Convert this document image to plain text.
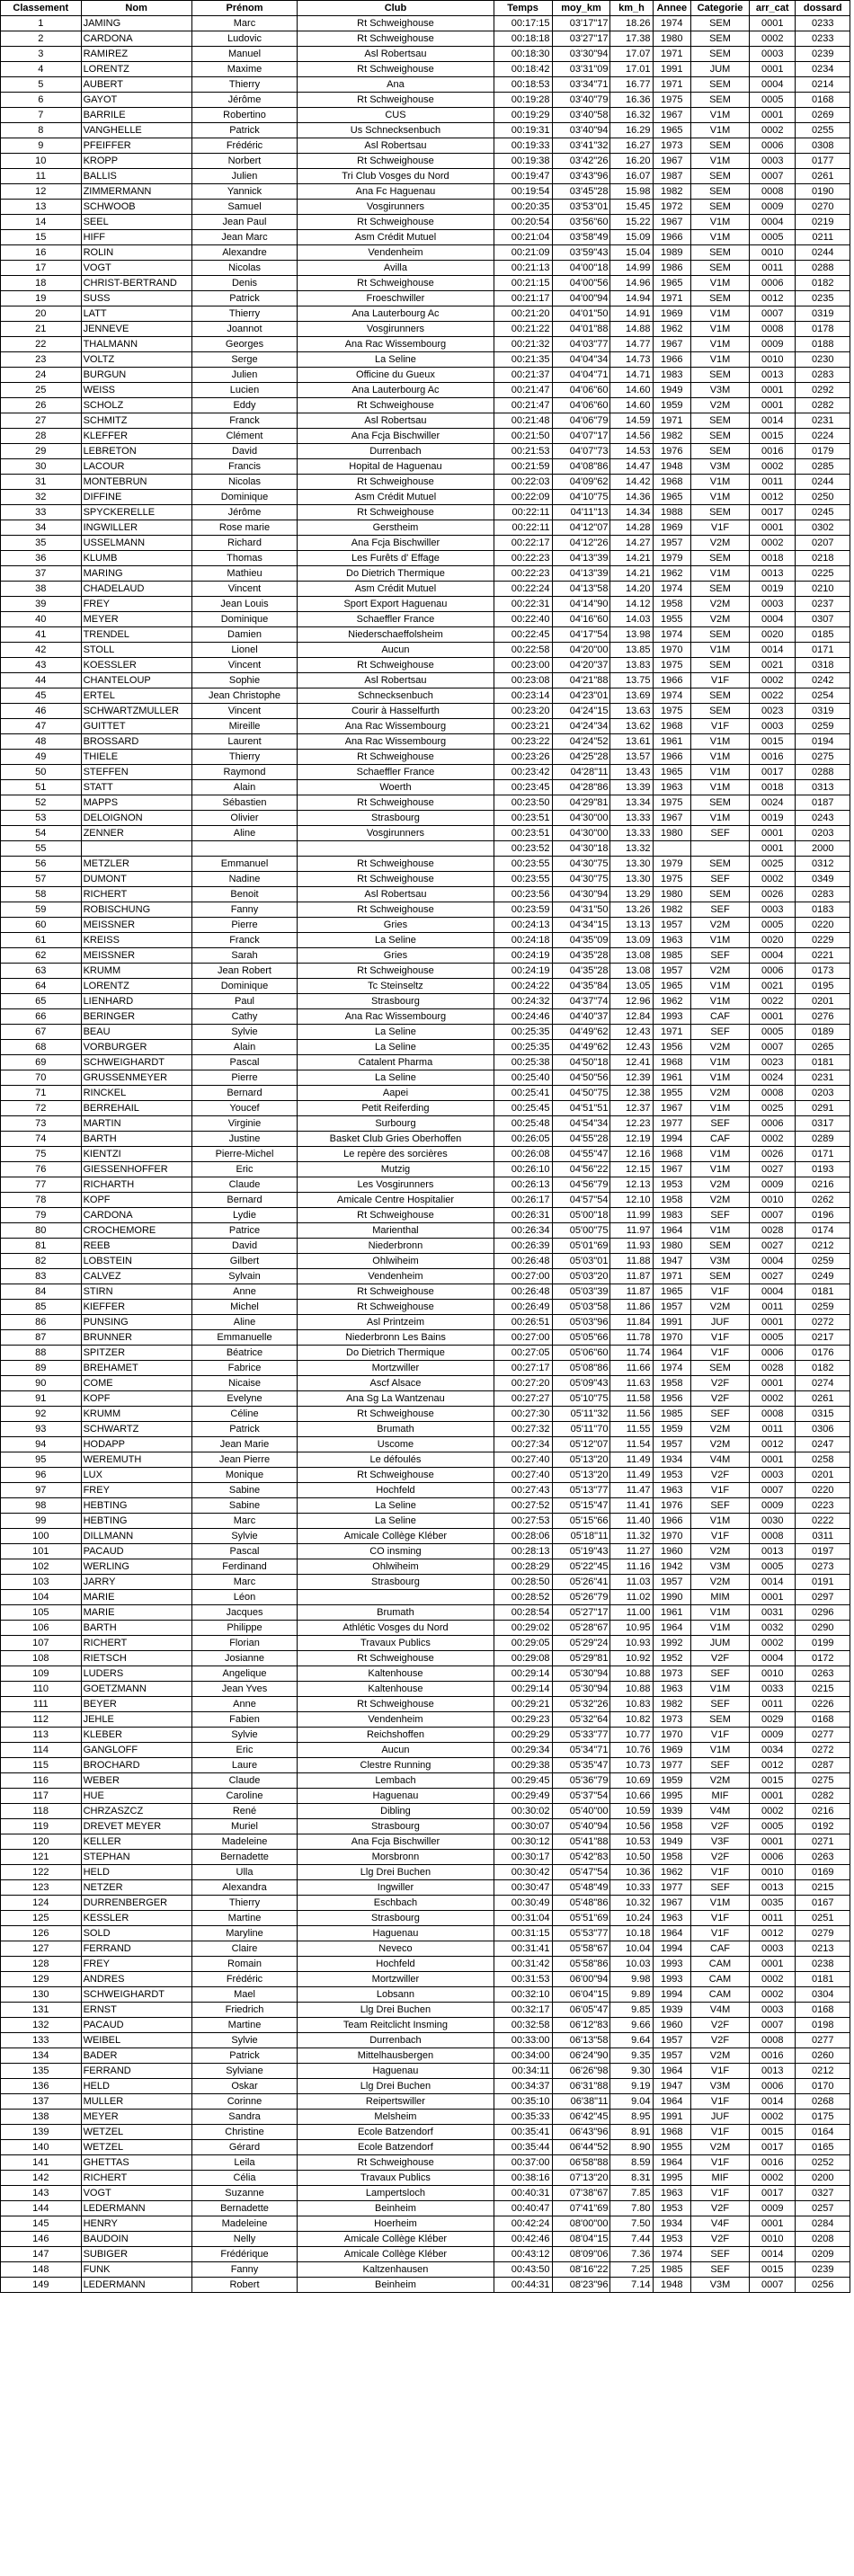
Classement	Nom	Prénom	Club	Temps	moy_km	km_h	Annee	Categorie	arr_cat	dossard
1	JAMING	Marc	Rt Schweighouse	00:17:15	03'17"17	18.26	1974	SEM	0001	0233
2	CARDONA	Ludovic	Rt Schweighouse	00:18:18	03'27"17	17.38	1980	SEM	0002	0233
3	RAMIREZ	Manuel	Asl Robertsau	00:18:30	03'30"94	17.07	1971	SEM	0003	0239
4	LORENTZ	Maxime	Rt Schweighouse	00:18:42	03'31"09	17.01	1991	JUM	0001	0234
5	AUBERT	Thierry	Ana	00:18:53	03'34"71	16.77	1971	SEM	0004	0214
6	GAYOT	Jérôme	Rt Schweighouse	00:19:28	03'40"79	16.36	1975	SEM	0005	0168
7	BARRILE	Robertino	CUS	00:19:29	03'40"58	16.32	1967	V1M	0001	0269
8	VANGHELLE	Patrick	Us Schnecksenbuch	00:19:31	03'40"94	16.29	1965	V1M	0002	0255
9	PFEIFFER	Frédéric	Asl Robertsau	00:19:33	03'41"32	16.27	1973	SEM	0006	0308
10	KROPP	Norbert	Rt Schweighouse	00:19:38	03'42"26	16.20	1967	V1M	0003	0177
11	BALLIS	Julien	Tri Club Vosges du Nord	00:19:47	03'43"96	16.07	1987	SEM	0007	0261
12	ZIMMERMANN	Yannick	Ana Fc Haguenau	00:19:54	03'45"28	15.98	1982	SEM	0008	0190
13	SCHWOOB	Samuel	Vosgirunners	00:20:35	03'53"01	15.45	1972	SEM	0009	0270
14	SEEL	Jean Paul	Rt Schweighouse	00:20:54	03'56"60	15.22	1967	V1M	0004	0219
15	HIFF	Jean Marc	Asm Crédit Mutuel	00:21:04	03'58"49	15.09	1966	V1M	0005	0211
16	ROLIN	Alexandre	Vendenheim	00:21:09	03'59"43	15.04	1989	SEM	0010	0244
17	VOGT	Nicolas	Avilla	00:21:13	04'00"18	14.99	1986	SEM	0011	0288
18	CHRIST-BERTRAND	Denis	Rt Schweighouse	00:21:15	04'00"56	14.96	1965	V1M	0006	0182
19	SUSS	Patrick	Froeschwiller	00:21:17	04'00"94	14.94	1971	SEM	0012	0235
20	LATT	Thierry	Ana Lauterbourg Ac	00:21:20	04'01"50	14.91	1969	V1M	0007	0319
21	JENNEVE	Joannot	Vosgirunners	00:21:22	04'01"88	14.88	1962	V1M	0008	0178
22	THALMANN	Georges	Ana Rac Wissembourg	00:21:32	04'03"77	14.77	1967	V1M	0009	0188
23	VOLTZ	Serge	La Seline	00:21:35	04'04"34	14.73	1966	V1M	0010	0230
24	BURGUN	Julien	Officine du Gueux	00:21:37	04'04"71	14.71	1983	SEM	0013	0283
25	WEISS	Lucien	Ana Lauterbourg Ac	00:21:47	04'06"60	14.60	1949	V3M	0001	0292
26	SCHOLZ	Eddy	Rt Schweighouse	00:21:47	04'06"60	14.60	1959	V2M	0001	0282
27	SCHMITZ	Franck	Asl Robertsau	00:21:48	04'06"79	14.59	1971	SEM	0014	0231
28	KLEFFER	Clément	Ana Fcja Bischwiller	00:21:50	04'07"17	14.56	1982	SEM	0015	0224
29	LEBRETON	David	Durrenbach	00:21:53	04'07"73	14.53	1976	SEM	0016	0179
30	LACOUR	Francis	Hopital de Haguenau	00:21:59	04'08"86	14.47	1948	V3M	0002	0285
31	MONTEBRUN	Nicolas	Rt Schweighouse	00:22:03	04'09"62	14.42	1968	V1M	0011	0244
32	DIFFINE	Dominique	Asm Crédit Mutuel	00:22:09	04'10"75	14.36	1965	V1M	0012	0250
33	SPYCKERELLE	Jérôme	Rt Schweighouse	00:22:11	04'11"13	14.34	1988	SEM	0017	0245
34	INGWILLER	Rose marie	Gerstheim	00:22:11	04'12"07	14.28	1969	V1F	0001	0302
35	USSELMANN	Richard	Ana Fcja Bischwiller	00:22:17	04'12"26	14.27	1957	V2M	0002	0207
36	KLUMB	Thomas	Les Furêts d' Effage	00:22:23	04'13"39	14.21	1979	SEM	0018	0218
37	MARING	Mathieu	Do Dietrich Thermique	00:22:23	04'13"39	14.21	1962	V1M	0013	0225
38	CHADELAUD	Vincent	Asm Crédit Mutuel	00:22:24	04'13"58	14.20	1974	SEM	0019	0210
39	FREY	Jean Louis	Sport Export Haguenau	00:22:31	04'14"90	14.12	1958	V2M	0003	0237
40	MEYER	Dominique	Schaeffler France	00:22:40	04'16"60	14.03	1955	V2M	0004	0307
41	TRENDEL	Damien	Niederschaeffolsheim	00:22:45	04'17"54	13.98	1974	SEM	0020	0185
42	STOLL	Lionel	Aucun	00:22:58	04'20"00	13.85	1970	V1M	0014	0171
43	KOESSLER	Vincent	Rt Schweighouse	00:23:00	04'20"37	13.83	1975	SEM	0021	0318
44	CHANTELOUP	Sophie	Asl Robertsau	00:23:08	04'21"88	13.75	1966	V1F	0002	0242
45	ERTEL	Jean Christophe	Schnecksenbuch	00:23:14	04'23"01	13.69	1974	SEM	0022	0254
46	SCHWARTZMULLER	Vincent	Courir à Hasselfurth	00:23:20	04'24"15	13.63	1975	SEM	0023	0319
47	GUITTET	Mireille	Ana Rac Wissembourg	00:23:21	04'24"34	13.62	1968	V1F	0003	0259
48	BROSSARD	Laurent	Ana Rac Wissembourg	00:23:22	04'24"52	13.61	1961	V1M	0015	0194
49	THIELE	Thierry	Rt Schweighouse	00:23:26	04'25"28	13.57	1966	V1M	0016	0275
50	STEFFEN	Raymond	Schaeffler France	00:23:42	04'28"11	13.43	1965	V1M	0017	0288
51	STATT	Alain	Woerth	00:23:45	04'28"86	13.39	1963	V1M	0018	0313
52	MAPPS	Sébastien	Rt Schweighouse	00:23:50	04'29"81	13.34	1975	SEM	0024	0187
53	DELOIGNON	Olivier	Strasbourg	00:23:51	04'30"00	13.33	1967	V1M	0019	0243
54	ZENNER	Aline	Vosgirunners	00:23:51	04'30"00	13.33	1980	SEF	0001	0203
55				00:23:52	04'30"18	13.32			0001	2000
56	METZLER	Emmanuel	Rt Schweighouse	00:23:55	04'30"75	13.30	1979	SEM	0025	0312
57	DUMONT	Nadine	Rt Schweighouse	00:23:55	04'30"75	13.30	1975	SEF	0002	0349
58	RICHERT	Benoit	Asl Robertsau	00:23:56	04'30"94	13.29	1980	SEM	0026	0283
59	ROBISCHUNG	Fanny	Rt Schweighouse	00:23:59	04'31"50	13.26	1982	SEF	0003	0183
60	MEISSNER	Pierre	Gries	00:24:13	04'34"15	13.13	1957	V2M	0005	0220
61	KREISS	Franck	La Seline	00:24:18	04'35"09	13.09	1963	V1M	0020	0229
62	MEISSNER	Sarah	Gries	00:24:19	04'35"28	13.08	1985	SEF	0004	0221
63	KRUMM	Jean Robert	Rt Schweighouse	00:24:19	04'35"28	13.08	1957	V2M	0006	0173
64	LORENTZ	Dominique	Tc Steinseltz	00:24:22	04'35"84	13.05	1965	V1M	0021	0195
65	LIENHARD	Paul	Strasbourg	00:24:32	04'37"74	12.96	1962	V1M	0022	0201
66	BERINGER	Cathy	Ana Rac Wissembourg	00:24:46	04'40"37	12.84	1993	CAF	0001	0276
67	BEAU	Sylvie	La Seline	00:25:35	04'49"62	12.43	1971	SEF	0005	0189
68	VORBURGER	Alain	La Seline	00:25:35	04'49"62	12.43	1956	V2M	0007	0265
69	SCHWEIGHARDT	Pascal	Catalent Pharma	00:25:38	04'50"18	12.41	1968	V1M	0023	0181
70	GRUSSENMEYER	Pierre	La Seline	00:25:40	04'50"56	12.39	1961	V1M	0024	0231
71	RINCKEL	Bernard	Aapei	00:25:41	04'50"75	12.38	1955	V2M	0008	0203
72	BERREHAIL	Youcef	Petit Reiferding	00:25:45	04'51"51	12.37	1967	V1M	0025	0291
73	MARTIN	Virginie	Surbourg	00:25:48	04'54"34	12.23	1977	SEF	0006	0317
74	BARTH	Justine	Basket Club Gries Oberhoffen	00:26:05	04'55"28	12.19	1994	CAF	0002	0289
75	KIENTZI	Pierre-Michel	Le repère des sorcières	00:26:08	04'55"47	12.16	1968	V1M	0026	0171
76	GIESSENHOFFER	Eric	Mutzig	00:26:10	04'56"22	12.15	1967	V1M	0027	0193
77	RICHARTH	Claude	Les Vosgirunners	00:26:13	04'56"79	12.13	1953	V2M	0009	0216
78	KOPF	Bernard	Amicale Centre Hospitalier	00:26:17	04'57"54	12.10	1958	V2M	0010	0262
79	CARDONA	Lydie	Rt Schweighouse	00:26:31	05'00"18	11.99	1983	SEF	0007	0196
80	CROCHEMORE	Patrice	Marienthal	00:26:34	05'00"75	11.97	1964	V1M	0028	0174
81	REEB	David	Niederbronn	00:26:39	05'01"69	11.93	1980	SEM	0027	0212
82	LOBSTEIN	Gilbert	Ohlwiheim	00:26:48	05'03"01	11.88	1947	V3M	0004	0259
83	CALVEZ	Sylvain	Vendenheim	00:27:00	05'03"20	11.87	1971	SEM	0027	0249
84	STIRN	Anne	Rt Schweighouse	00:26:48	05'03"39	11.87	1965	V1F	0004	0181
85	KIEFFER	Michel	Rt Schweighouse	00:26:49	05'03"58	11.86	1957	V2M	0011	0259
86	PUNSING	Aline	Asl Printzeim	00:26:51	05'03"96	11.84	1991	JUF	0001	0272
87	BRUNNER	Emmanuelle	Niederbronn Les Bains	00:27:00	05'05"66	11.78	1970	V1F	0005	0217
88	SPITZER	Béatrice	Do Dietrich Thermique	00:27:05	05'06"60	11.74	1964	V1F	0006	0176
89	BREHAMET	Fabrice	Mortzwiller	00:27:17	05'08"86	11.66	1974	SEM	0028	0182
90	COME	Nicaise	Ascf Alsace	00:27:20	05'09"43	11.63	1958	V2F	0001	0274
91	KOPF	Evelyne	Ana Sg La Wantzenau	00:27:27	05'10"75	11.58	1956	V2F	0002	0261
92	KRUMM	Céline	Rt Schweighouse	00:27:30	05'11"32	11.56	1985	SEF	0008	0315
93	SCHWARTZ	Patrick	Brumath	00:27:32	05'11"70	11.55	1959	V2M	0011	0306
94	HODAPP	Jean Marie	Uscome	00:27:34	05'12"07	11.54	1957	V2M	0012	0247
95	WEREMUTH	Jean Pierre	Le défoulés	00:27:40	05'13"20	11.49	1934	V4M	0001	0258
96	LUX	Monique	Rt Schweighouse	00:27:40	05'13"20	11.49	1953	V2F	0003	0201
97	FREY	Sabine	Hochfeld	00:27:43	05'13"77	11.47	1963	V1F	0007	0220
98	HEBTING	Sabine	La Seline	00:27:52	05'15"47	11.41	1976	SEF	0009	0223
99	HEBTING	Marc	La Seline	00:27:53	05'15"66	11.40	1966	V1M	0030	0222
100	DILLMANN	Sylvie	Amicale Collège Kléber	00:28:06	05'18"11	11.32	1970	V1F	0008	0311
101	PACAUD	Pascal	CO insming	00:28:13	05'19"43	11.27	1960	V2M	0013	0197
102	WERLING	Ferdinand	Ohlwiheim	00:28:29	05'22"45	11.16	1942	V3M	0005	0273
103	JARRY	Marc	Strasbourg	00:28:50	05'26"41	11.03	1957	V2M	0014	0191
104	MARIE	Léon		00:28:52	05'26"79	11.02	1990	MIM	0001	0297
105	MARIE	Jacques	Brumath	00:28:54	05'27"17	11.00	1961	V1M	0031	0296
106	BARTH	Philippe	Athlétic Vosges du Nord	00:29:02	05'28"67	10.95	1964	V1M	0032	0290
107	RICHERT	Florian	Travaux Publics	00:29:05	05'29"24	10.93	1992	JUM	0002	0199
108	RIETSCH	Josianne	Rt Schweighouse	00:29:08	05'29"81	10.92	1952	V2F	0004	0172
109	LUDERS	Angelique	Kaltenhouse	00:29:14	05'30"94	10.88	1973	SEF	0010	0263
110	GOETZMANN	Jean Yves	Kaltenhouse	00:29:14	05'30"94	10.88	1963	V1M	0033	0215
111	BEYER	Anne	Rt Schweighouse	00:29:21	05'32"26	10.83	1982	SEF	0011	0226
112	JEHLE	Fabien	Vendenheim	00:29:23	05'32"64	10.82	1973	SEM	0029	0168
113	KLEBER	Sylvie	Reichshoffen	00:29:29	05'33"77	10.77	1970	V1F	0009	0277
114	GANGLOFF	Eric	Aucun	00:29:34	05'34"71	10.76	1969	V1M	0034	0272
115	BROCHARD	Laure	Clestre Running	00:29:38	05'35"47	10.73	1977	SEF	0012	0287
116	WEBER	Claude	Lembach	00:29:45	05'36"79	10.69	1959	V2M	0015	0275
117	HUE	Caroline	Haguenau	00:29:49	05'37"54	10.66	1995	MIF	0001	0282
118	CHRZASZCZ	René	Dibling	00:30:02	05'40"00	10.59	1939	V4M	0002	0216
119	DREVET MEYER	Muriel	Strasbourg	00:30:07	05'40"94	10.56	1958	V2F	0005	0192
120	KELLER	Madeleine	Ana Fcja Bischwiller	00:30:12	05'41"88	10.53	1949	V3F	0001	0271
121	STEPHAN	Bernadette	Morsbronn	00:30:17	05'42"83	10.50	1958	V2F	0006	0263
122	HELD	Ulla	Llg Drei Buchen	00:30:42	05'47"54	10.36	1962	V1F	0010	0169
123	NETZER	Alexandra	Ingwiller	00:30:47	05'48"49	10.33	1977	SEF	0013	0215
124	DURRENBERGER	Thierry	Eschbach	00:30:49	05'48"86	10.32	1967	V1M	0035	0167
125	KESSLER	Martine	Strasbourg	00:31:04	05'51"69	10.24	1963	V1F	0011	0251
126	SOLD	Maryline	Haguenau	00:31:15	05'53"77	10.18	1964	V1F	0012	0279
127	FERRAND	Claire	Neveco	00:31:41	05'58"67	10.04	1994	CAF	0003	0213
128	FREY	Romain	Hochfeld	00:31:42	05'58"86	10.03	1993	CAM	0001	0238
129	ANDRES	Frédéric	Mortzwiller	00:31:53	06'00"94	9.98	1993	CAM	0002	0181
130	SCHWEIGHARDT	Mael	Lobsann	00:32:10	06'04"15	9.89	1994	CAM	0002	0304
131	ERNST	Friedrich	Llg Drei Buchen	00:32:17	06'05"47	9.85	1939	V4M	0003	0168
132	PACAUD	Martine	Team Reitclicht Insming	00:32:58	06'12"83	9.66	1960	V2F	0007	0198
133	WEIBEL	Sylvie	Durrenbach	00:33:00	06'13"58	9.64	1957	V2F	0008	0277
134	BADER	Patrick	Mittelhausbergen	00:34:00	06'24"90	9.35	1957	V2M	0016	0260
135	FERRAND	Sylviane	Haguenau	00:34:11	06'26"98	9.30	1964	V1F	0013	0212
136	HELD	Oskar	Llg Drei Buchen	00:34:37	06'31"88	9.19	1947	V3M	0006	0170
137	MULLER	Corinne	Reipertswiller	00:35:10	06'38"11	9.04	1964	V1F	0014	0268
138	MEYER	Sandra	Melsheim	00:35:33	06'42"45	8.95	1991	JUF	0002	0175
139	WETZEL	Christine	Ecole Batzendorf	00:35:41	06'43"96	8.91	1968	V1F	0015	0164
140	WETZEL	Gérard	Ecole Batzendorf	00:35:44	06'44"52	8.90	1955	V2M	0017	0165
141	GHETTAS	Leila	Rt Schweighouse	00:37:00	06'58"88	8.59	1964	V1F	0016	0252
142	RICHERT	Célia	Travaux Publics	00:38:16	07'13"20	8.31	1995	MIF	0002	0200
143	VOGT	Suzanne	Lampertsloch	00:40:31	07'38"67	7.85	1963	V1F	0017	0327
144	LEDERMANN	Bernadette	Beinheim	00:40:47	07'41"69	7.80	1953	V2F	0009	0257
145	HENRY	Madeleine	Hoerheim	00:42:24	08'00"00	7.50	1934	V4F	0001	0284
146	BAUDOIN	Nelly	Amicale Collège Kléber	00:42:46	08'04"15	7.44	1953	V2F	0010	0208
147	SUBIGER	Frédérique	Amicale Collège Kléber	00:43:12	08'09"06	7.36	1974	SEF	0014	0209
148	FUNK	Fanny	Kaltzenhausen	00:43:50	08'16"22	7.25	1985	SEF	0015	0239
149	LEDERMANN	Robert	Beinheim	00:44:31	08'23"96	7.14	1948	V3M	0007	0256
